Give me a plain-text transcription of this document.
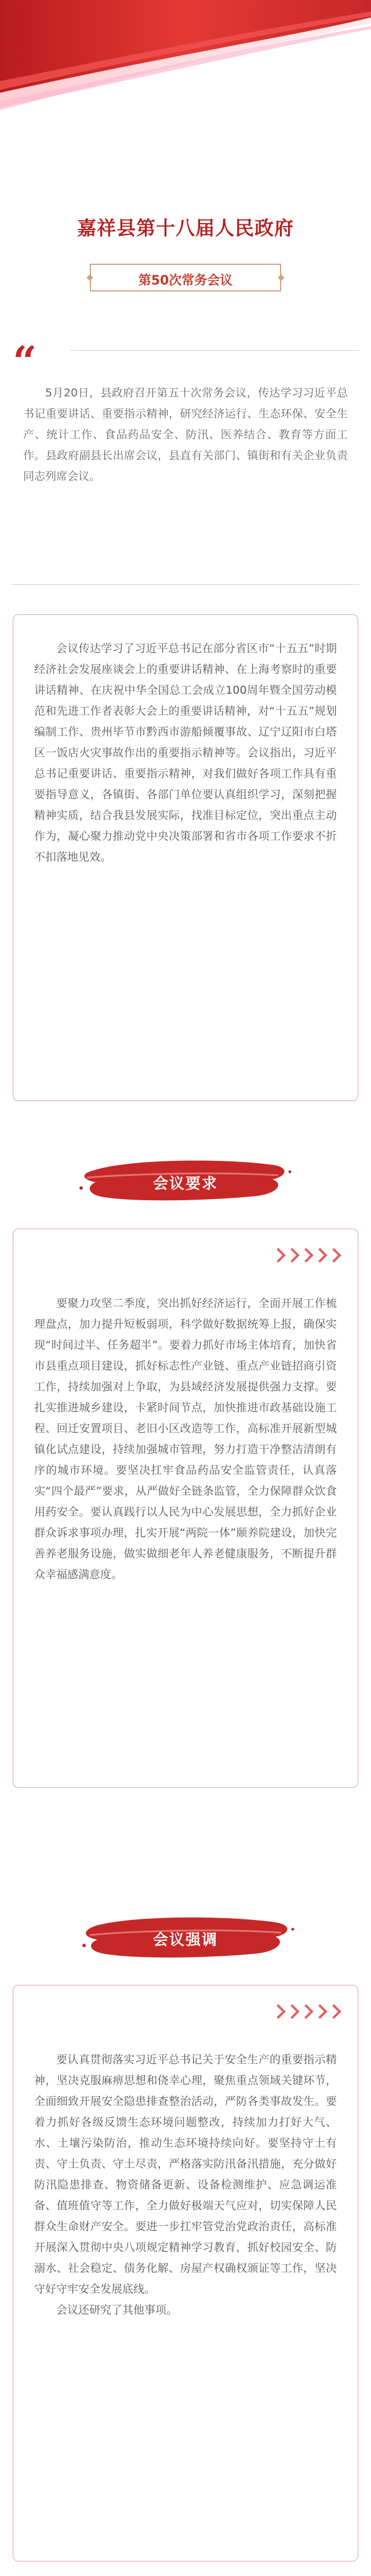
嘉祥县第十八届人民政府
第50次常务会议
“

5月20日，县政府召开第五十次常务会议，传达学习习近平总书记重要讲话、重要指示精神，研究经济运行、生态环保、安全生产、统计工作、食品药品安全、防汛、医养结合、教育等方面工作。县政府副县长出席会议，县直有关部门、镇街和有关企业负责同志列席会议。

会议传达学习了习近平总书记在部分省区市“十五五”时期经济社会发展座谈会上的重要讲话精神、在上海考察时的重要讲话精神、在庆祝中华全国总工会成立100周年暨全国劳动模范和先进工作者表彰大会上的重要讲话精神，对“十五五”规划编制工作、贵州毕节市黔西市游船倾覆事故、辽宁辽阳市白塔区一饭店火灾事故作出的重要指示精神等。会议指出，习近平总书记重要讲话、重要指示精神，对我们做好各项工作具有重要指导意义，各镇街、各部门单位要认真组织学习，深刻把握精神实质，结合我县发展实际，找准目标定位，突出重点主动作为，凝心聚力推动党中央决策部署和省市各项工作要求不折不扣落地见效。

会议要求

要聚力攻坚二季度，突出抓好经济运行，全面开展工作梳理盘点，加力提升短板弱项，科学做好数据统筹上报，确保实现“时间过半、任务超半”。要着力抓好市场主体培育，加快省市县重点项目建设，抓好标志性产业链、重点产业链招商引资工作，持续加强对上争取，为县域经济发展提供强力支撑。要扎实推进城乡建设，卡紧时间节点，加快推进市政基础设施工程、回迁安置项目、老旧小区改造等工作，高标准开展新型城镇化试点建设，持续加强城市管理，努力打造干净整洁清朗有序的城市环境。要坚决扛牢食品药品安全监管责任，认真落实“四个最严”要求，从严做好全链条监管，全力保障群众饮食用药安全。要认真践行以人民为中心发展思想，全力抓好企业群众诉求事项办理，扎实开展“两院一体”颐养院建设，加快完善养老服务设施，做实做细老年人养老健康服务，不断提升群众幸福感满意度。

会议强调

要认真贯彻落实习近平总书记关于安全生产的重要指示精神，坚决克服麻痹思想和侥幸心理，聚焦重点领域关键环节，全面细致开展安全隐患排查整治活动，严防各类事故发生。要着力抓好各级反馈生态环境问题整改，持续加力打好大气、水、土壤污染防治，推动生态环境持续向好。要坚持守土有责、守土负责、守土尽责，严格落实防汛备汛措施，充分做好防汛隐患排查、物资储备更新、设备检测维护、应急调运准备、值班值守等工作，全力做好极端天气应对，切实保障人民群众生命财产安全。要进一步扛牢管党治党政治责任，高标准开展深入贯彻中央八项规定精神学习教育，抓好校园安全、防溺水、社会稳定、债务化解、房屋产权确权颁证等工作，坚决守好守牢安全发展底线。

会议还研究了其他事项。
